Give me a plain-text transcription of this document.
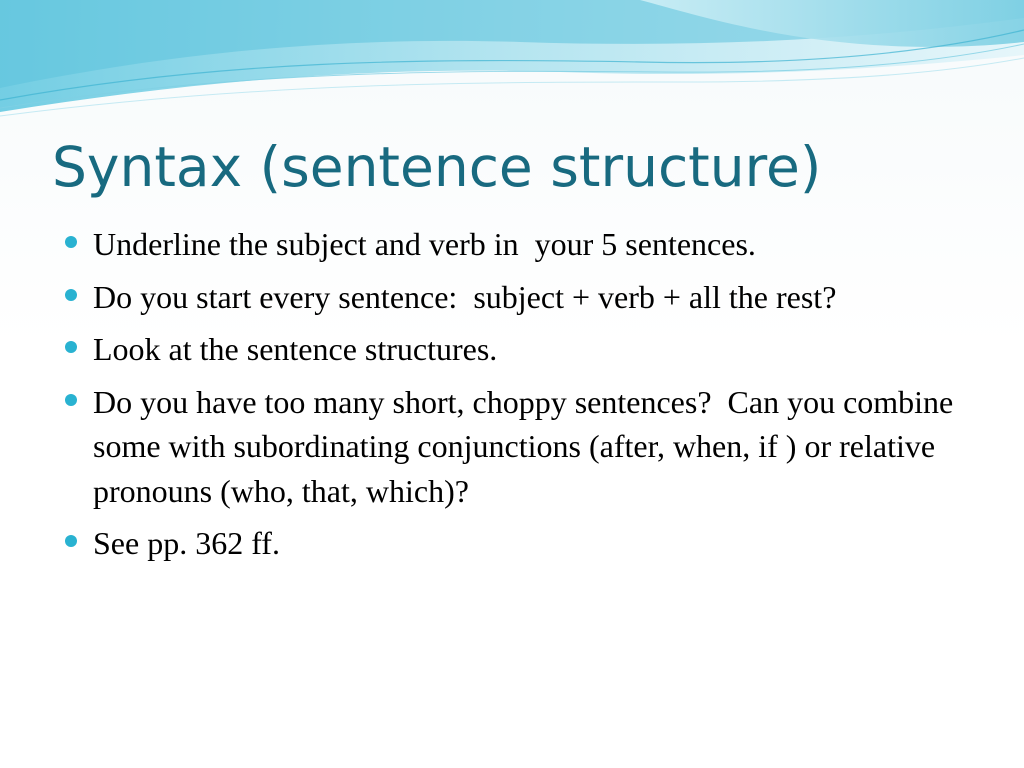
Syntax (sentence structure)
Underline the subject and verb in  your 5 sentences.
Do you start every sentence:  subject + verb + all the rest?
Look at the sentence structures.
Do you have too many short, choppy sentences?  Can you combine some with subordinating conjunctions (after, when, if ) or relative pronouns (who, that, which)?
See pp. 362 ff.
